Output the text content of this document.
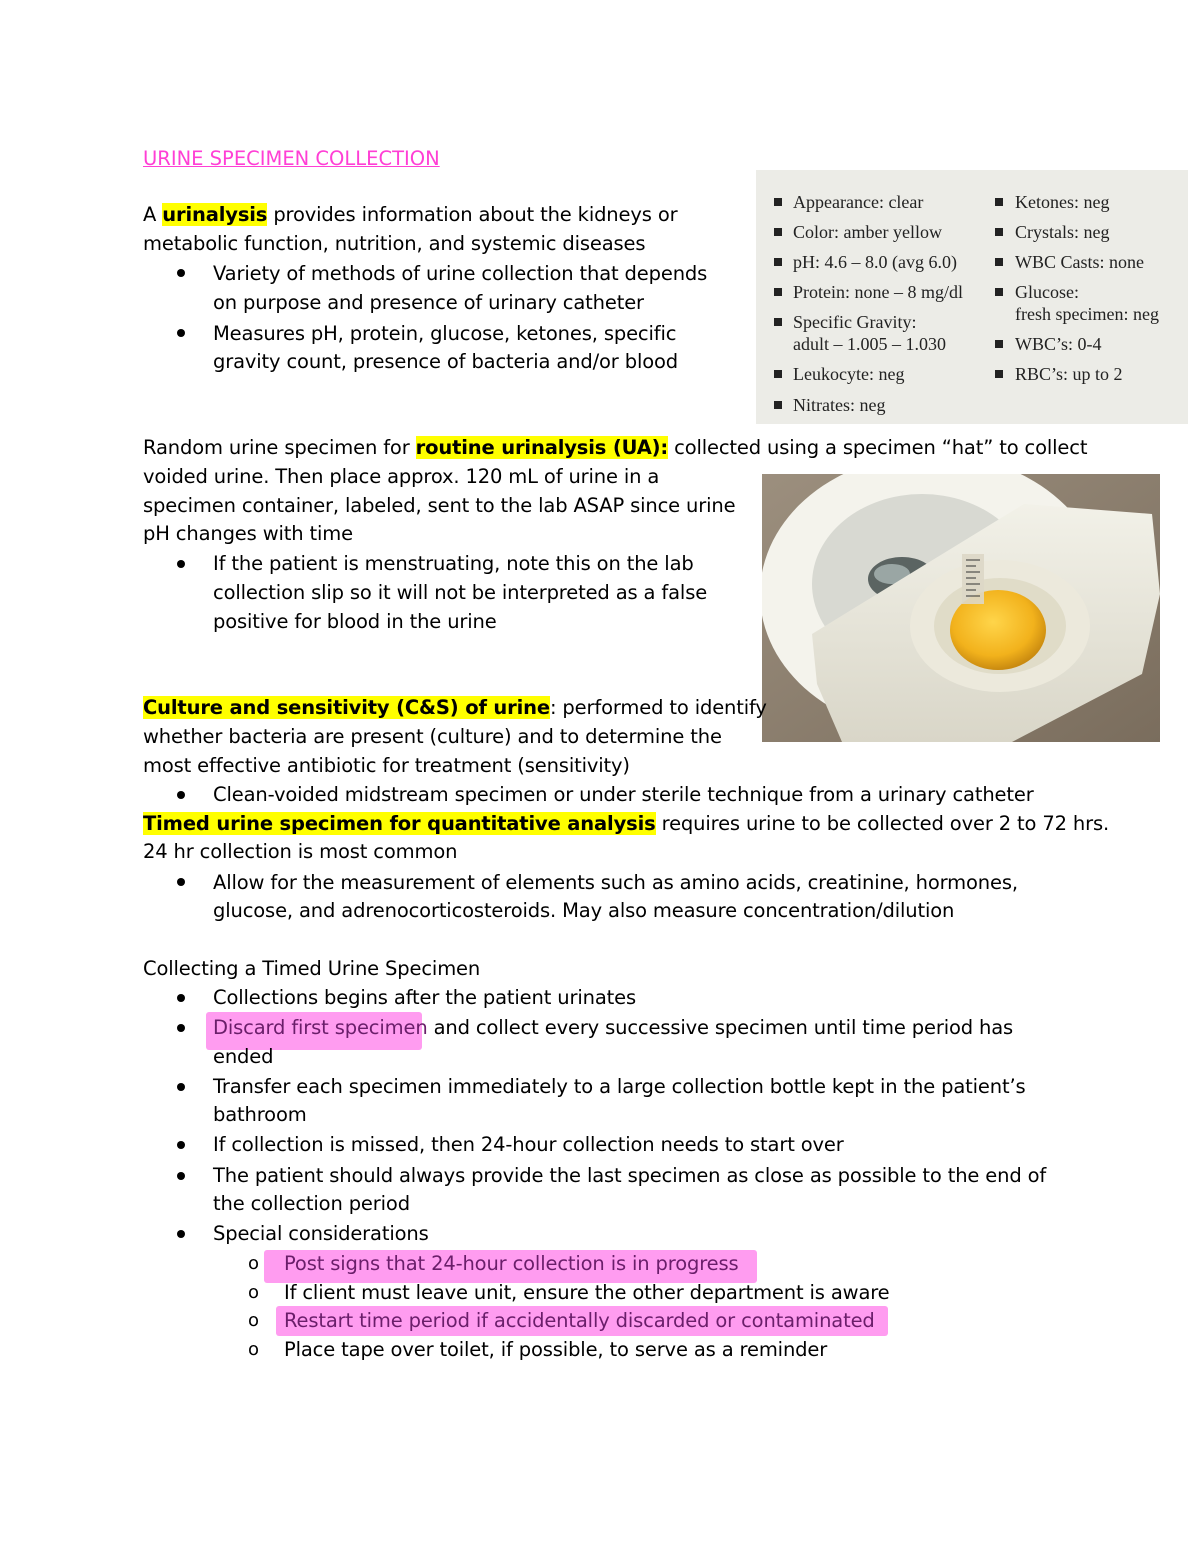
URINE SPECIMEN COLLECTION
A urinalysis provides information about the kidneys or
metabolic function, nutrition, and systemic diseases
Variety of methods of urine collection that depends
on purpose and presence of urinary catheter
Measures pH, protein, glucose, ketones, specific
gravity count, presence of bacteria and/or blood
Appearance: clear
Color: amber yellow
pH: 4.6 – 8.0 (avg 6.0)
Protein: none – 8 mg/dl
Specific Gravity:
adult – 1.005 – 1.030
Leukocyte: neg
Nitrates: neg
Ketones: neg
Crystals: neg
WBC Casts: none
Glucose:
fresh specimen: neg
WBC’s: 0-4
RBC’s: up to 2
Random urine specimen for routine urinalysis (UA): collected using a specimen “hat” to collect
voided urine. Then place approx. 120 mL of urine in a
specimen container, labeled, sent to the lab ASAP since urine
pH changes with time
If the patient is menstruating, note this on the lab
collection slip so it will not be interpreted as a false
positive for blood in the urine
Culture and sensitivity (C&S) of urine: performed to identify
whether bacteria are present (culture) and to determine the
most effective antibiotic for treatment (sensitivity)
Clean-voided midstream specimen or under sterile technique from a urinary catheter
Timed urine specimen for quantitative analysis requires urine to be collected over 2 to 72 hrs.
24 hr collection is most common
Allow for the measurement of elements such as amino acids, creatinine, hormones,
glucose, and adrenocorticosteroids. May also measure concentration/dilution
Collecting a Timed Urine Specimen
Collections begins after the patient urinates
Discard first specimen and collect every successive specimen until time period has
ended
Transfer each specimen immediately to a large collection bottle kept in the patient’s
bathroom
If collection is missed, then 24-hour collection needs to start over
The patient should always provide the last specimen as close as possible to the end of
the collection period
Special considerations
o Post signs that 24-hour collection is in progress
o If client must leave unit, ensure the other department is aware
o Restart time period if accidentally discarded or contaminated
o Place tape over toilet, if possible, to serve as a reminder
